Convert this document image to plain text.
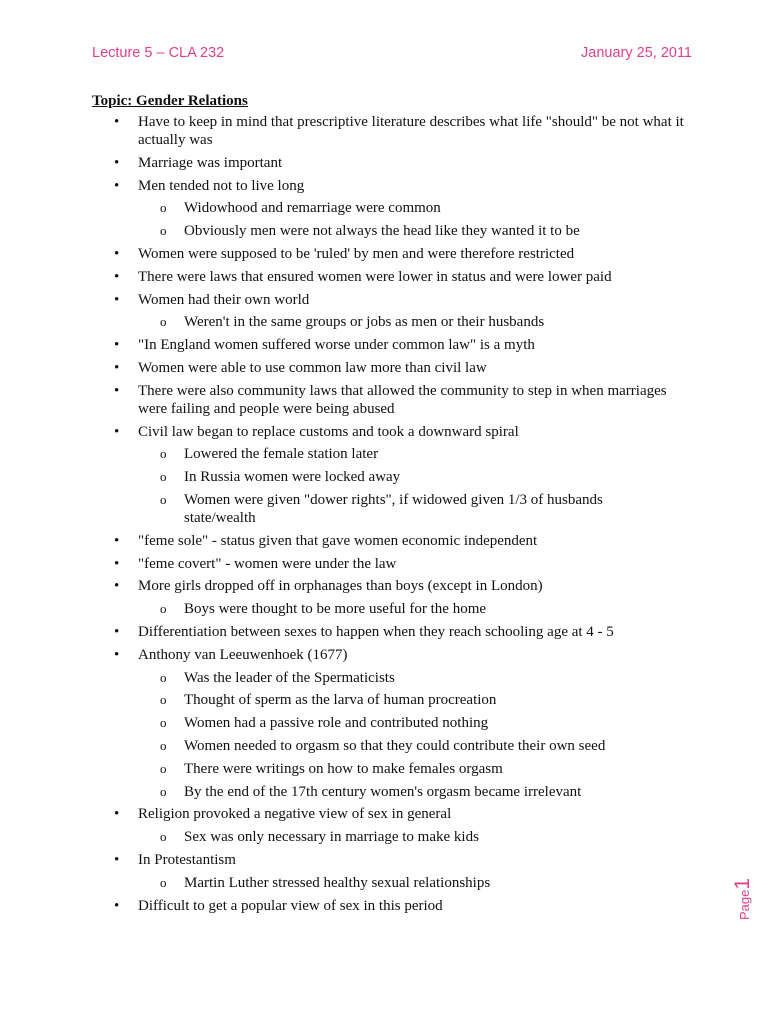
Lecture 5 – CLA 232	January 25, 2011
Topic: Gender Relations
• Have to keep in mind that prescriptive literature describes what life "should" be not what it actually was
• Marriage was important
• Men tended not to live long
o Widowhood and remarriage were common
o Obviously men were not always the head like they wanted it to be
• Women were supposed to be 'ruled' by men and were therefore restricted
• There were laws that ensured women were lower in status and were lower paid
• Women had their own world
o Weren't in the same groups or jobs as men or their husbands
• "In England women suffered worse under common law" is a myth
• Women were able to use common law more than civil law
• There were also community laws that allowed the community to step in when marriages were failing and people were being abused
• Civil law began to replace customs and took a downward spiral
o Lowered the female station later
o In Russia women were locked away
o Women were given "dower rights", if widowed given 1/3 of husbands state/wealth
• "feme sole" - status given that gave women economic independent
• "feme covert" - women were under the law
• More girls dropped off in orphanages than boys (except in London)
o Boys were thought to be more useful for the home
• Differentiation between sexes to happen when they reach schooling age at 4 - 5
• Anthony van Leeuwenhoek (1677)
o Was the leader of the Spermaticists
o Thought of sperm as the larva of human procreation
o Women had a passive role and contributed nothing
o Women needed to orgasm so that they could contribute their own seed
o There were writings on how to make females orgasm
o By the end of the 17th century women's orgasm became irrelevant
• Religion provoked a negative view of sex in general
o Sex was only necessary in marriage to make kids
• In Protestantism
o Martin Luther stressed healthy sexual relationships
• Difficult to get a popular view of sex in this period	Page1
